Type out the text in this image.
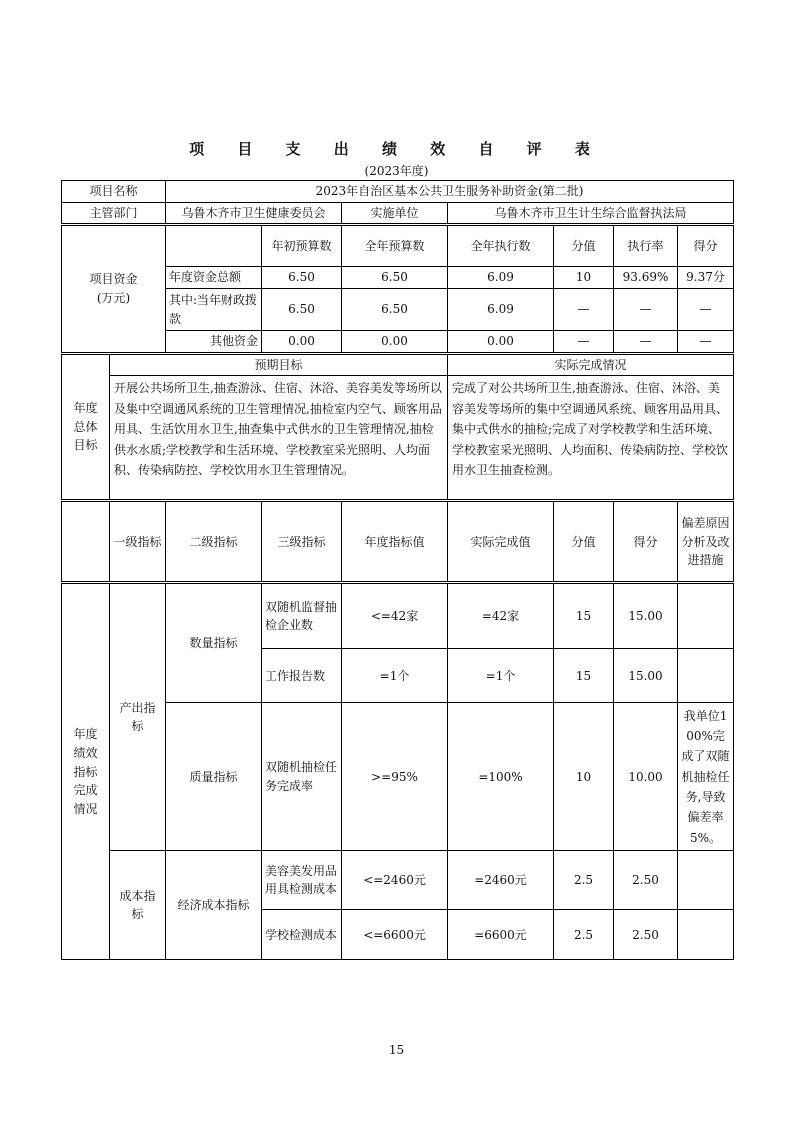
项 目 支 出 绩 效 自 评 表
(2023年度)
项目名称		2023年自治区基本公共卫生服务补助资金(第二批)						
主管部门		乌鲁木齐市卫生健康委员会		实施单位	乌鲁木齐市卫生计生综合监督执法局			

项目资金
(万元)			年初预算数	全年预算数	全年执行数	分值	执行率	得分
		年度资金总额	6.50	6.50	6.09	10	93.69%	9.37分
		其中:当年财政拨款	6.50	6.50	6.09	—	—	—
		其他资金	0.00	0.00	0.00	—	—	—
年度总体目标	预期目标				实际完成情况			
	开展公共场所卫生,抽查游泳、住宿、沐浴、美容美发等场所以及集中空调通风系统的卫生管理情况,抽检室内空气、顾客用品用具、生活饮用水卫生,抽查集中式供水的卫生管理情况,抽检供水水质;学校教学和生活环境、学校教室采光照明、人均面积、传染病防控、学校饮用水卫生管理情况。				完成了对公共场所卫生,抽查游泳、住宿、沐浴、美容美发等场所的集中空调通风系统、顾客用品用具、集中式供水的抽检;完成了对学校教学和生活环境、学校教室采光照明、人均面积、传染病防控、学校饮用水卫生抽查检测。			
	一级指标	二级指标	三级指标	年度指标值	实际完成值	分值	得分	偏差原因分析及改进措施
年度绩效指标完成情况	产出指标	数量指标	双随机监督抽检企业数	<=42家	=42家	15	15.00	
			工作报告数	=1个	=1个	15	15.00	
		质量指标	双随机抽检任务完成率	>=95%	=100%	10	10.00	我单位100%完成了双随机抽检任务,导致偏差率5%。
	成本指标	经济成本指标	美容美发用品用具检测成本	<=2460元	=2460元	2.5	2.50	
			学校检测成本	<=6600元	=6600元	2.5	2.50	
15
